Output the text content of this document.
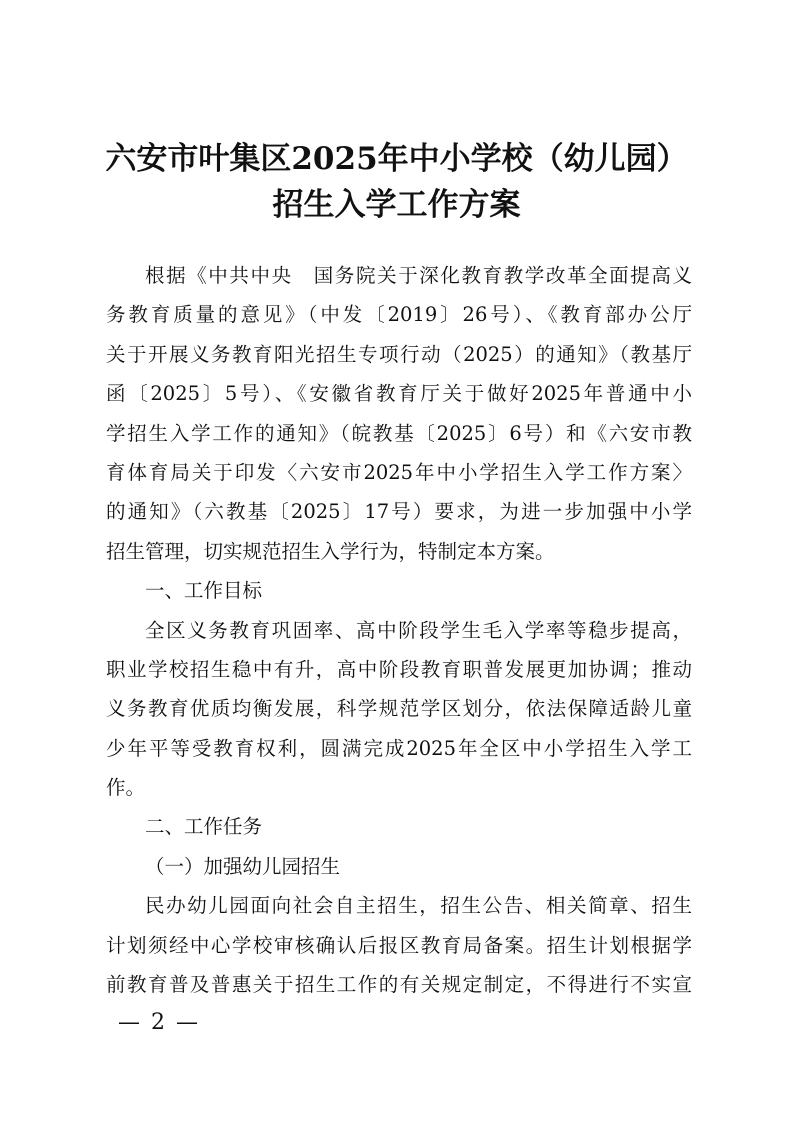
六安市叶集区2025年中小学校（幼儿园）
招生入学工作方案
根据《中共中央　国务院关于深化教育教学改革全面提高义
务教育质量的意见》（中发〔2019〕26号）、《教育部办公厅
关于开展义务教育阳光招生专项行动（2025）的通知》（教基厅
函〔2025〕5号）、《安徽省教育厅关于做好2025年普通中小
学招生入学工作的通知》（皖教基〔2025〕6号）和《六安市教
育体育局关于印发〈六安市2025年中小学招生入学工作方案〉
的通知》（六教基〔2025〕17号）要求，为进一步加强中小学
招生管理，切实规范招生入学行为，特制定本方案。
一、工作目标
全区义务教育巩固率、高中阶段学生毛入学率等稳步提高，
职业学校招生稳中有升，高中阶段教育职普发展更加协调；推动
义务教育优质均衡发展，科学规范学区划分，依法保障适龄儿童
少年平等受教育权利，圆满完成2025年全区中小学招生入学工
作。
二、工作任务
（一）加强幼儿园招生
民办幼儿园面向社会自主招生，招生公告、相关简章、招生
计划须经中心学校审核确认后报区教育局备案。招生计划根据学
前教育普及普惠关于招生工作的有关规定制定，不得进行不实宣
— 2 —
